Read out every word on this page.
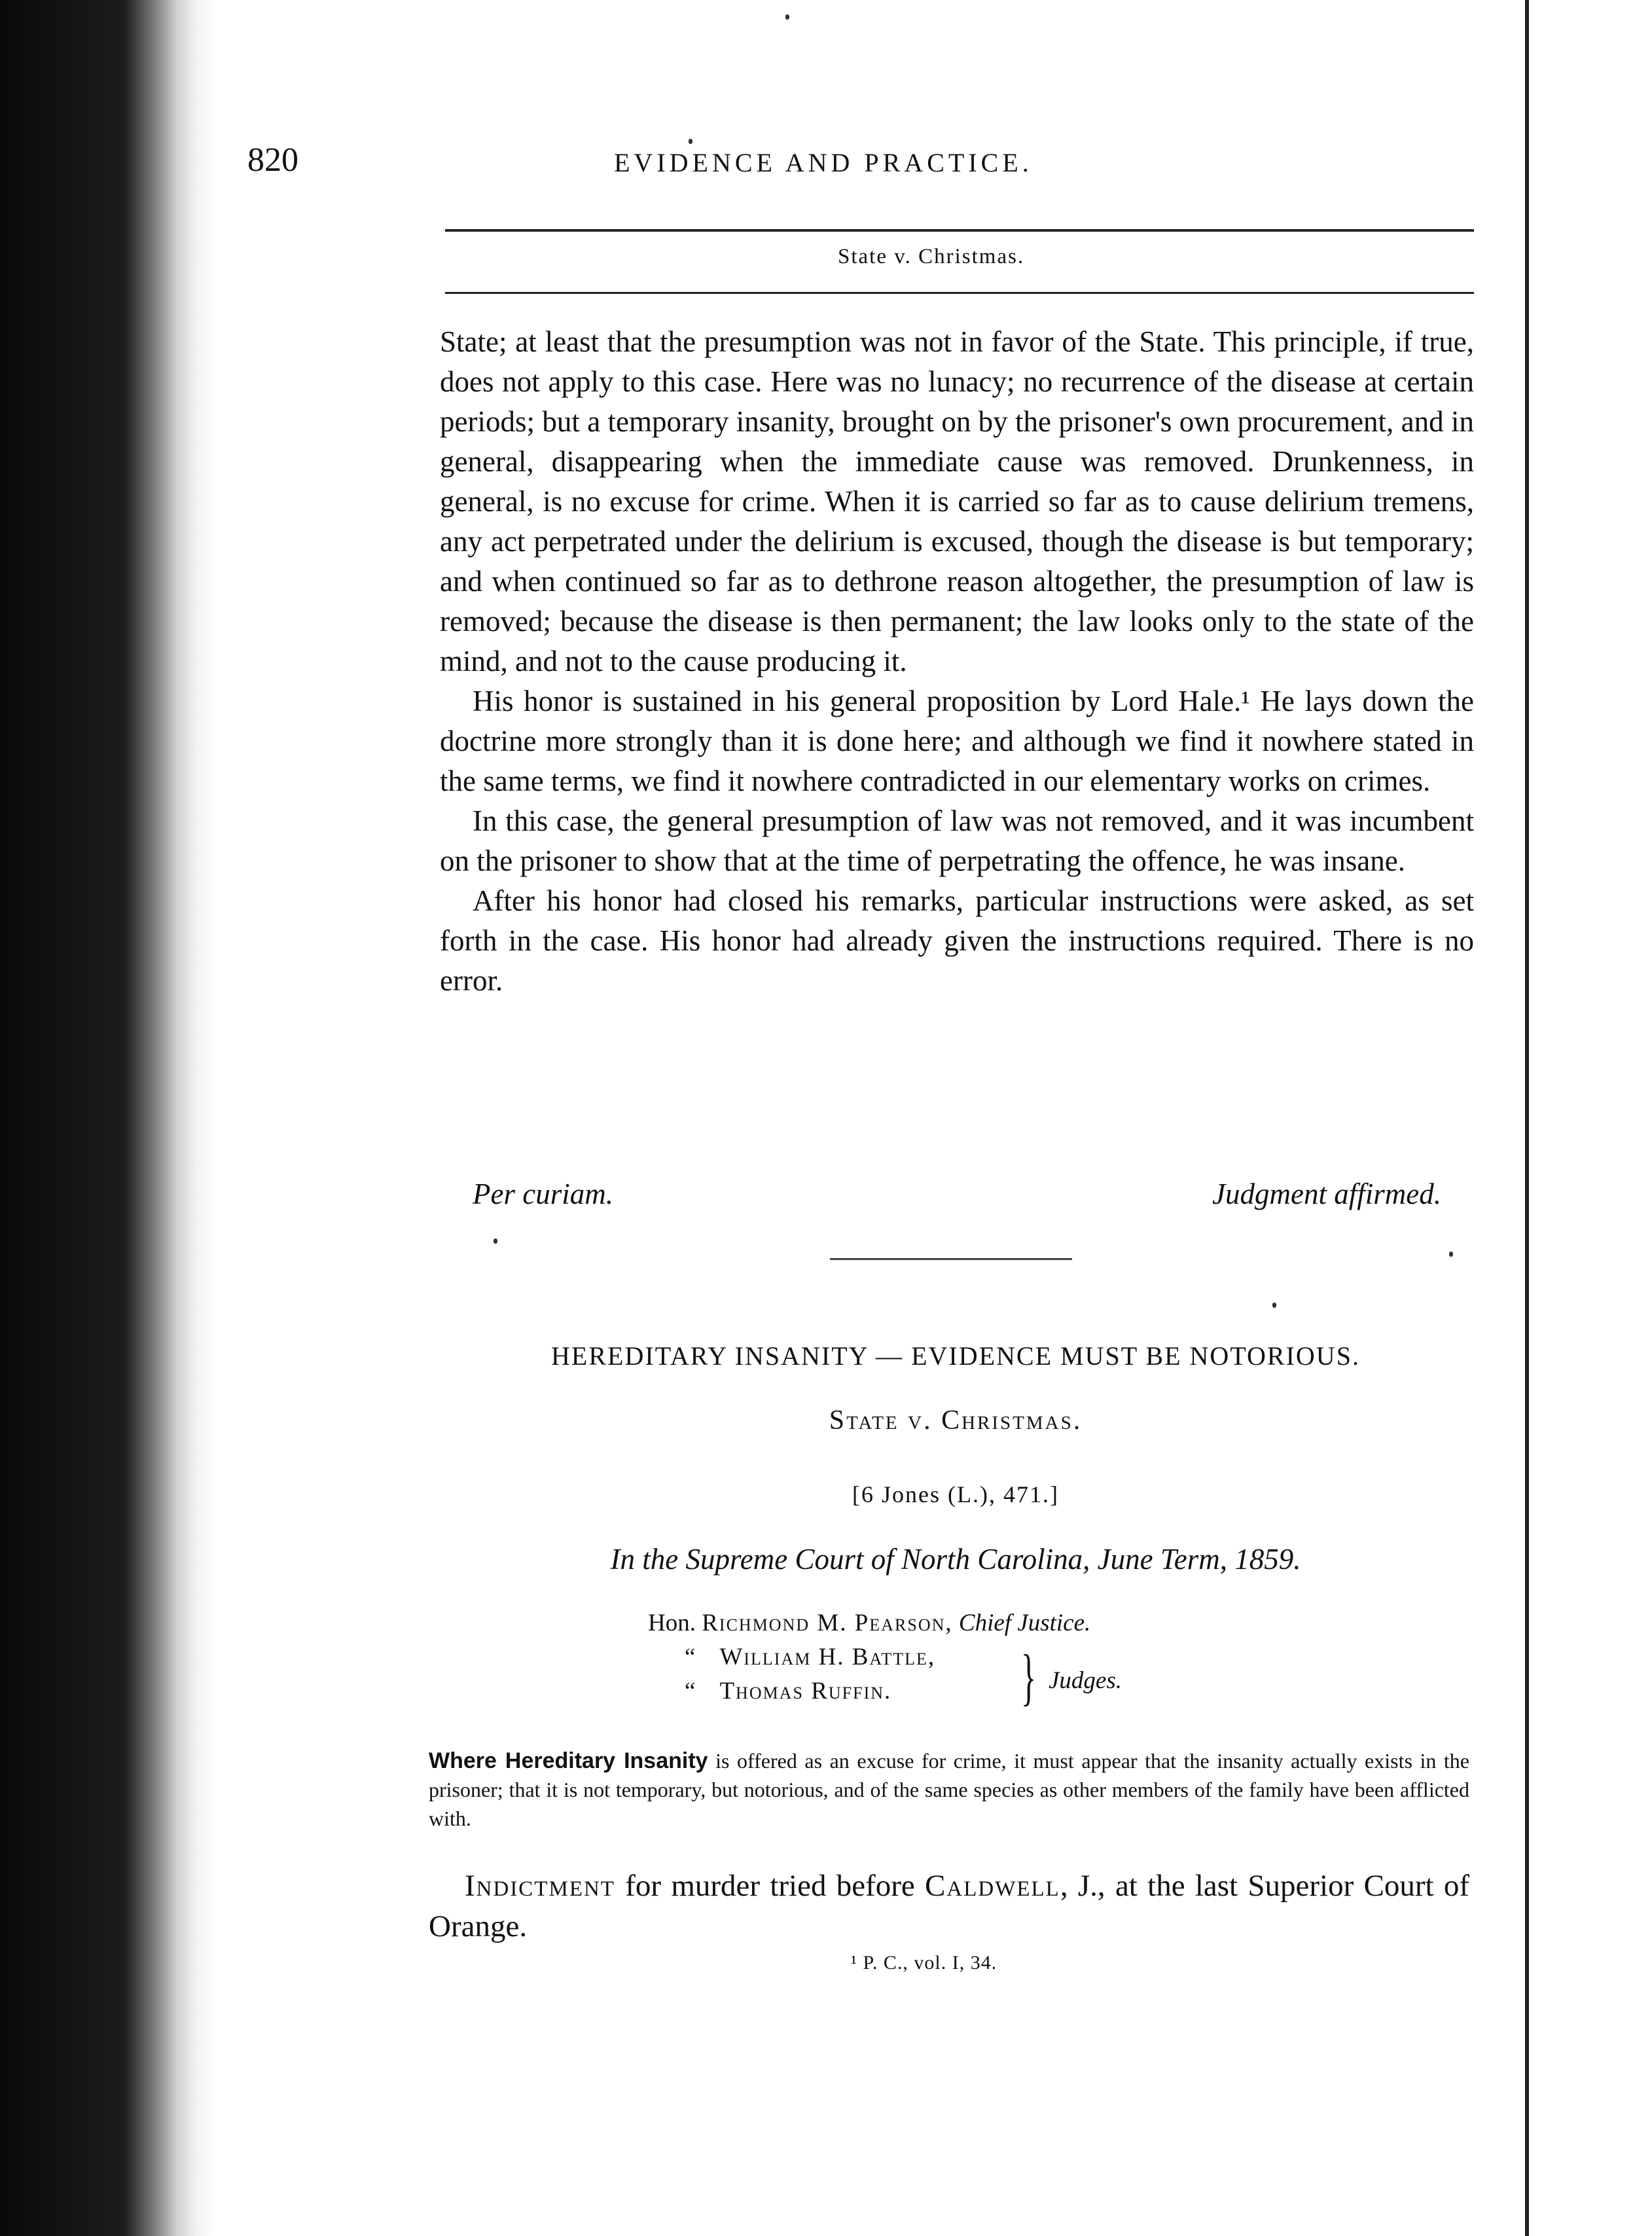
820	EVIDENCE AND PRACTICE.
State v. Christmas.

State; at least that the presumption was not in favor of the State. This principle, if true, does not apply to this case. Here was no lunacy; no recurrence of the disease at certain periods; but a temporary insanity, brought on by the prisoner's own procurement, and in general, disappearing when the immediate cause was removed. Drunkenness, in general, is no excuse for crime. When it is carried so far as to cause delirium tremens, any act perpetrated under the delirium is excused, though the disease is but temporary; and when continued so far as to dethrone reason altogether, the presumption of law is removed; because the disease is then permanent; the law looks only to the state of the mind, and not to the cause producing it.

His honor is sustained in his general proposition by Lord Hale.¹ He lays down the doctrine more strongly than it is done here; and although we find it nowhere stated in the same terms, we find it nowhere contradicted in our elementary works on crimes.

In this case, the general presumption of law was not removed, and it was incumbent on the prisoner to show that at the time of perpetrating the offence, he was insane.

After his honor had closed his remarks, particular instructions were asked, as set forth in the case. His honor had already given the instructions required. There is no error.

Per curiam.	Judgment affirmed.
HEREDITARY INSANITY — EVIDENCE MUST BE NOTORIOUS.
State v. Christmas.
[6 Jones (L.), 471.]
In the Supreme Court of North Carolina, June Term, 1859.
Hon. Richmond M. Pearson, Chief Justice.
“ William H. Battle,
“ Thomas Ruffin. } Judges.
Where Hereditary Insanity is offered as an excuse for crime, it must appear that the insanity actually exists in the prisoner; that it is not temporary, but notorious, and of the same species as other members of the family have been afflicted with.
Indictment for murder tried before Caldwell, J., at the last Superior Court of Orange.
¹ P. C., vol. I, 34.
